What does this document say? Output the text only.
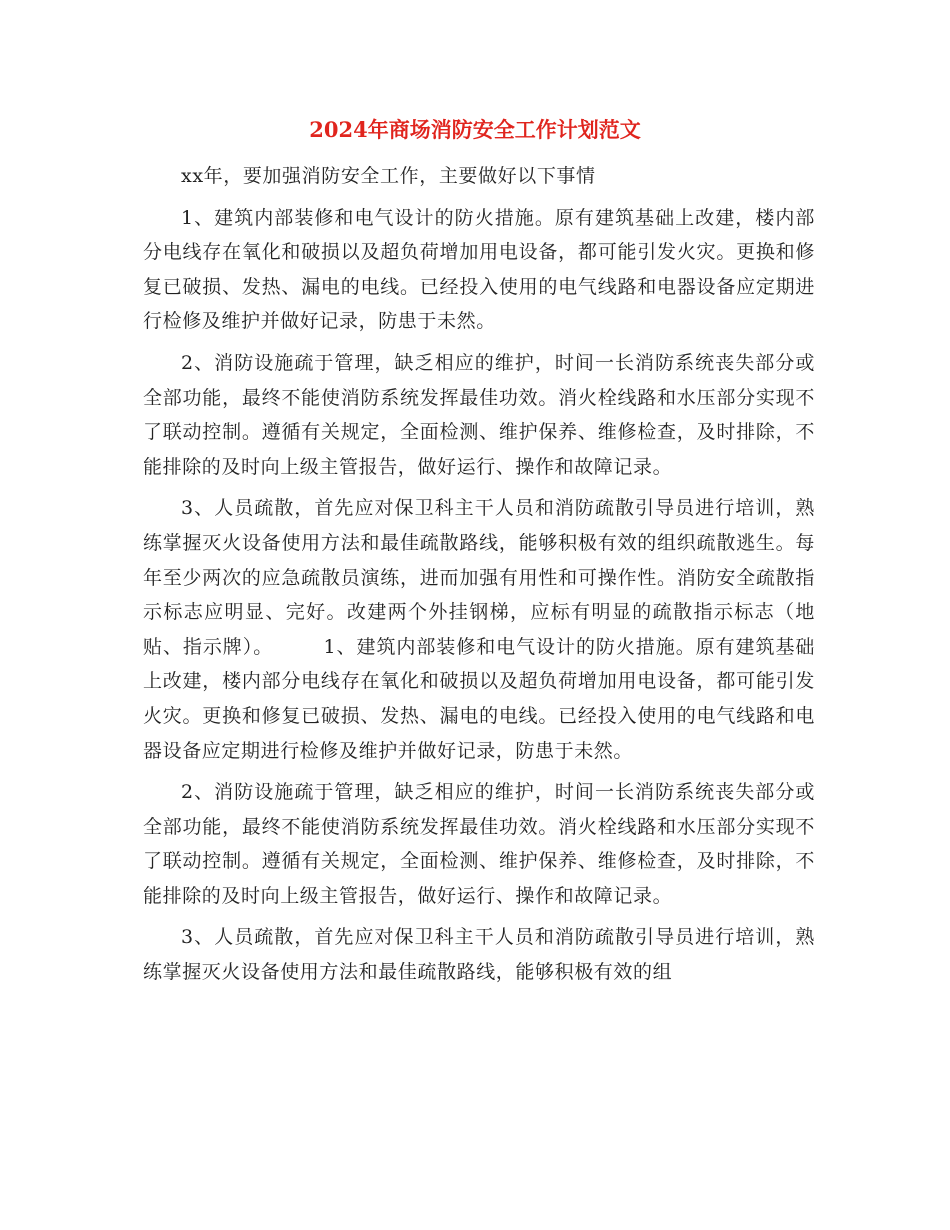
2024年商场消防安全工作计划范文

xx年，要加强消防安全工作，主要做好以下事情

1、建筑内部装修和电气设计的防火措施。原有建筑基础上改建，楼内部分电线存在氧化和破损以及超负荷增加用电设备，都可能引发火灾。更换和修复已破损、发热、漏电的电线。已经投入使用的电气线路和电器设备应定期进行检修及维护并做好记录，防患于未然。

2、消防设施疏于管理，缺乏相应的维护，时间一长消防系统丧失部分或全部功能，最终不能使消防系统发挥最佳功效。消火栓线路和水压部分实现不了联动控制。遵循有关规定，全面检测、维护保养、维修检查，及时排除，不能排除的及时向上级主管报告，做好运行、操作和故障记录。

3、人员疏散，首先应对保卫科主干人员和消防疏散引导员进行培训，熟练掌握灭火设备使用方法和最佳疏散路线，能够积极有效的组织疏散逃生。每年至少两次的应急疏散员演练，进而加强有用性和可操作性。消防安全疏散指示标志应明显、完好。改建两个外挂钢梯，应标有明显的疏散指示标志（地贴、指示牌）。　　　1、建筑内部装修和电气设计的防火措施。原有建筑基础上改建，楼内部分电线存在氧化和破损以及超负荷增加用电设备，都可能引发火灾。更换和修复已破损、发热、漏电的电线。已经投入使用的电气线路和电器设备应定期进行检修及维护并做好记录，防患于未然。

2、消防设施疏于管理，缺乏相应的维护，时间一长消防系统丧失部分或全部功能，最终不能使消防系统发挥最佳功效。消火栓线路和水压部分实现不了联动控制。遵循有关规定，全面检测、维护保养、维修检查，及时排除，不能排除的及时向上级主管报告，做好运行、操作和故障记录。

3、人员疏散，首先应对保卫科主干人员和消防疏散引导员进行培训，熟练掌握灭火设备使用方法和最佳疏散路线，能够积极有效的组
